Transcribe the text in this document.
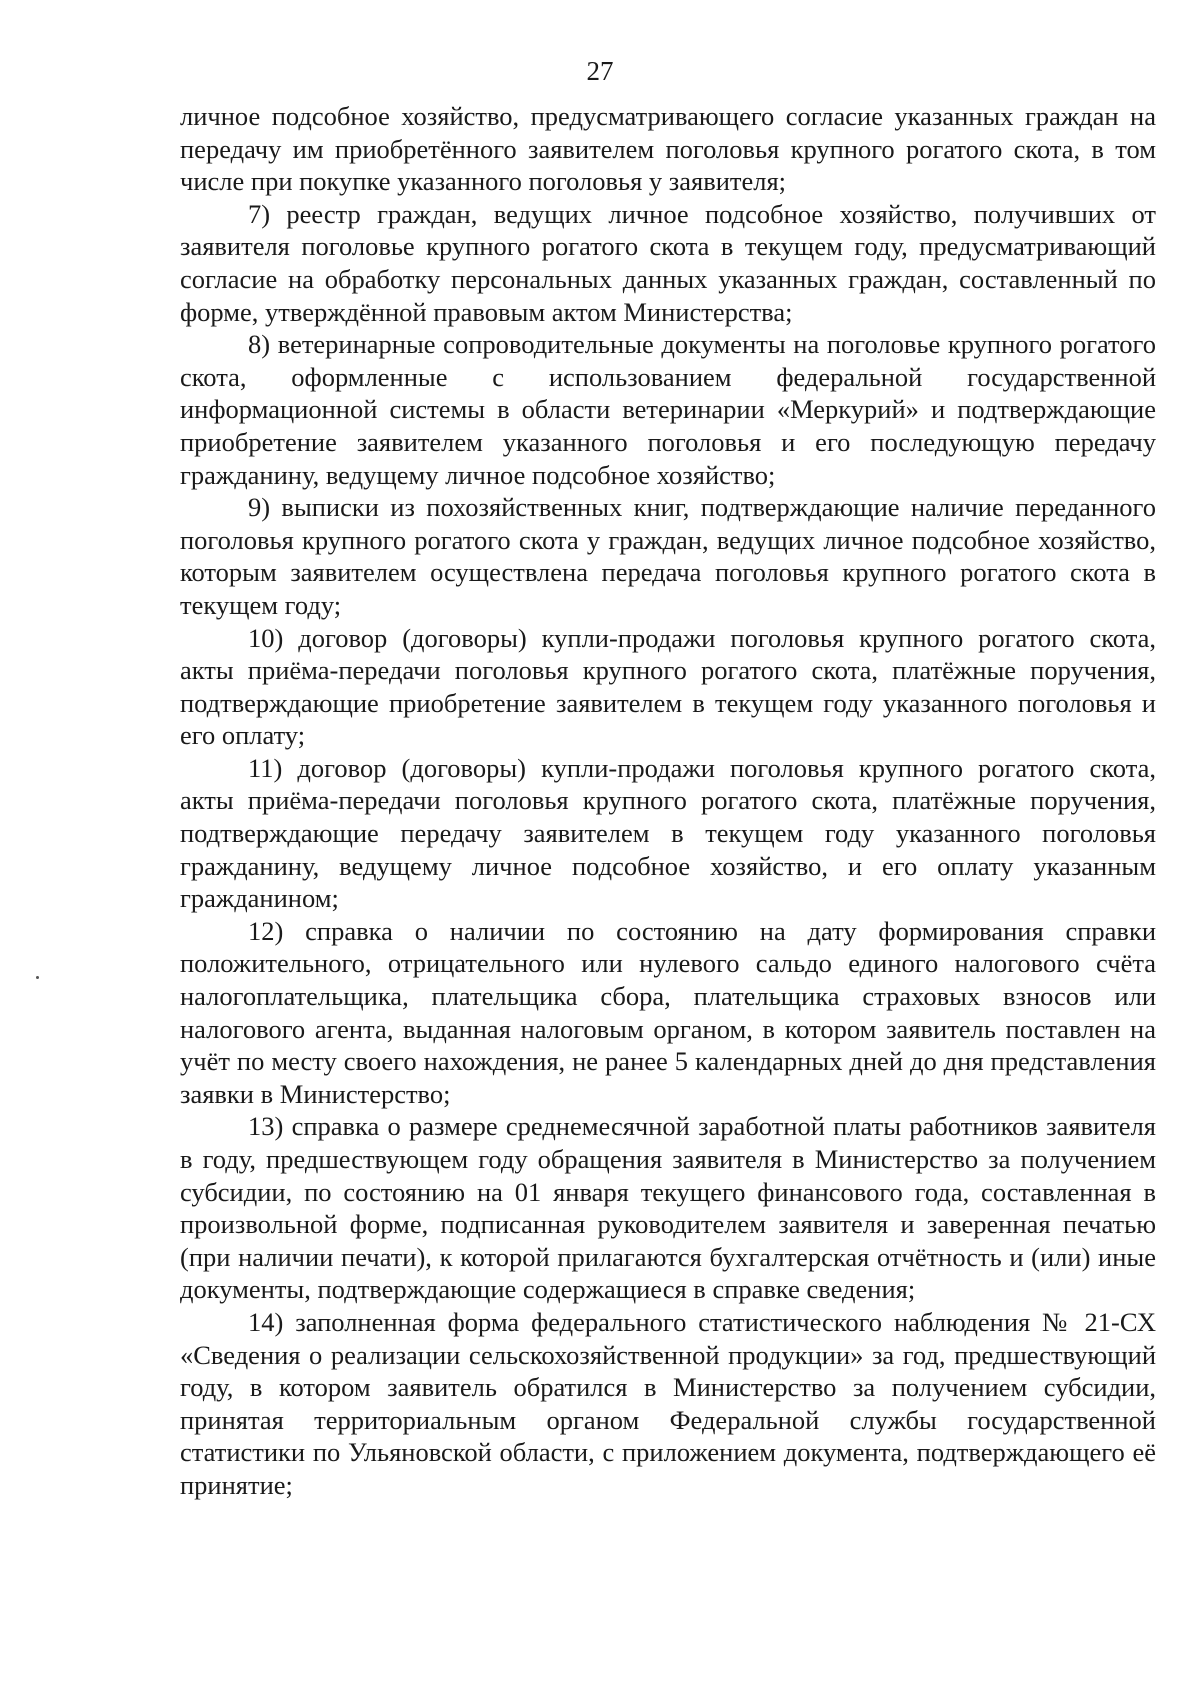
27

личное подсобное хозяйство, предусматривающего согласие указанных граждан на передачу им приобретённого заявителем поголовья крупного рогатого скота, в том числе при покупке указанного поголовья у заявителя;

7) реестр граждан, ведущих личное подсобное хозяйство, получивших от заявителя поголовье крупного рогатого скота в текущем году, предусматривающий согласие на обработку персональных данных указанных граждан, составленный по форме, утверждённой правовым актом Министерства;

8) ветеринарные сопроводительные документы на поголовье крупного рогатого скота, оформленные с использованием федеральной государственной информационной системы в области ветеринарии «Меркурий» и подтверждающие приобретение заявителем указанного поголовья и его последующую передачу гражданину, ведущему личное подсобное хозяйство;

9) выписки из похозяйственных книг, подтверждающие наличие переданного поголовья крупного рогатого скота у граждан, ведущих личное подсобное хозяйство, которым заявителем осуществлена передача поголовья крупного рогатого скота в текущем году;

10) договор (договоры) купли-продажи поголовья крупного рогатого скота, акты приёма-передачи поголовья крупного рогатого скота, платёжные поручения, подтверждающие приобретение заявителем в текущем году указанного поголовья и его оплату;

11) договор (договоры) купли-продажи поголовья крупного рогатого скота, акты приёма-передачи поголовья крупного рогатого скота, платёжные поручения, подтверждающие передачу заявителем в текущем году указанного поголовья гражданину, ведущему личное подсобное хозяйство, и его оплату указанным гражданином;

12) справка о наличии по состоянию на дату формирования справки положительного, отрицательного или нулевого сальдо единого налогового счёта налогоплательщика, плательщика сбора, плательщика страховых взносов или налогового агента, выданная налоговым органом, в котором заявитель поставлен на учёт по месту своего нахождения, не ранее 5 календарных дней до дня представления заявки в Министерство;

13) справка о размере среднемесячной заработной платы работников заявителя в году, предшествующем году обращения заявителя в Министерство за получением субсидии, по состоянию на 01 января текущего финансового года, составленная в произвольной форме, подписанная руководителем заявителя и заверенная печатью (при наличии печати), к которой прилагаются бухгалтерская отчётность и (или) иные документы, подтверждающие содержащиеся в справке сведения;

14) заполненная форма федерального статистического наблюдения № 21-СХ «Сведения о реализации сельскохозяйственной продукции» за год, предшествующий году, в котором заявитель обратился в Министерство за получением субсидии, принятая территориальным органом Федеральной службы государственной статистики по Ульяновской области, с приложением документа, подтверждающего её принятие;
